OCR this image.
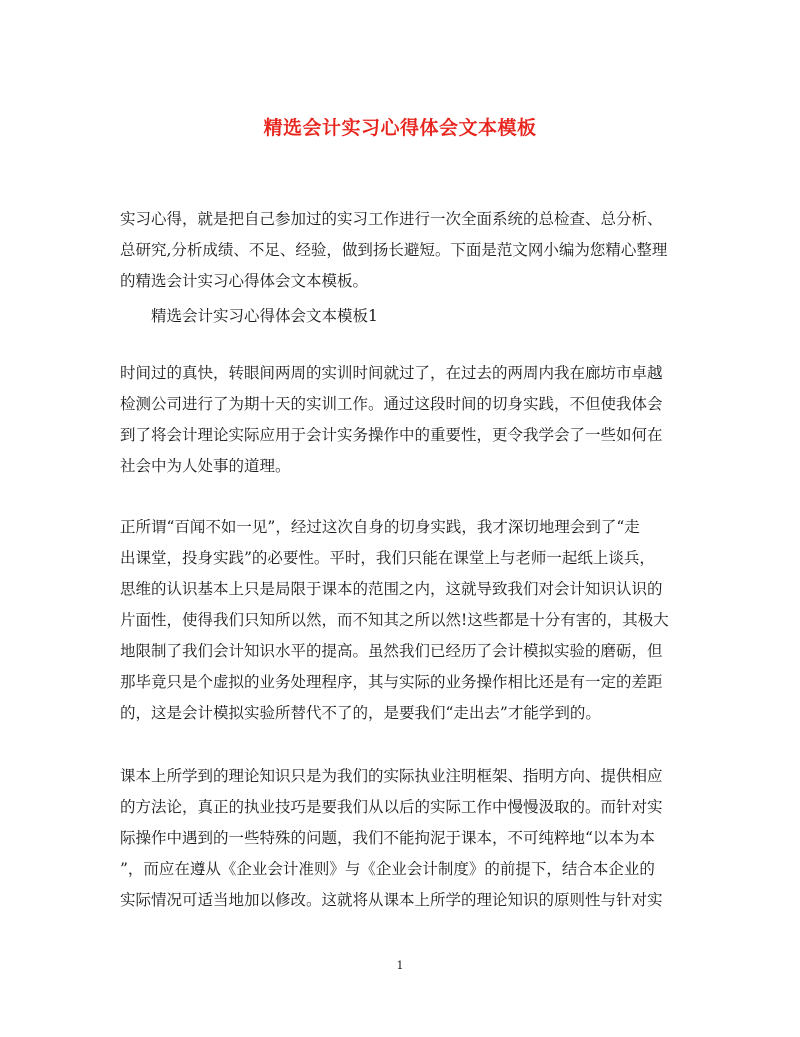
精选会计实习心得体会文本模板
实习心得，就是把自己参加过的实习工作进行一次全面系统的总检查、总分析、
总研究,分析成绩、不足、经验，做到扬长避短。下面是范文网小编为您精心整理
的精选会计实习心得体会文本模板。
精选会计实习心得体会文本模板1
时间过的真快，转眼间两周的实训时间就过了，在过去的两周内我在廊坊市卓越
检测公司进行了为期十天的实训工作。通过这段时间的切身实践，不但使我体会
到了将会计理论实际应用于会计实务操作中的重要性，更令我学会了一些如何在
社会中为人处事的道理。
正所谓“百闻不如一见”，经过这次自身的切身实践，我才深切地理会到了“走
出课堂，投身实践”的必要性。平时，我们只能在课堂上与老师一起纸上谈兵，
思维的认识基本上只是局限于课本的范围之内，这就导致我们对会计知识认识的
片面性，使得我们只知所以然，而不知其之所以然!这些都是十分有害的，其极大
地限制了我们会计知识水平的提高。虽然我们已经历了会计模拟实验的磨砺，但
那毕竟只是个虚拟的业务处理程序，其与实际的业务操作相比还是有一定的差距
的，这是会计模拟实验所替代不了的，是要我们“走出去”才能学到的。
课本上所学到的理论知识只是为我们的实际执业注明框架、指明方向、提供相应
的方法论，真正的执业技巧是要我们从以后的实际工作中慢慢汲取的。而针对实
际操作中遇到的一些特殊的问题，我们不能拘泥于课本，不可纯粹地“以本为本
”，而应在遵从《企业会计准则》与《企业会计制度》的前提下，结合本企业的
实际情况可适当地加以修改。这就将从课本上所学的理论知识的原则性与针对实
1
